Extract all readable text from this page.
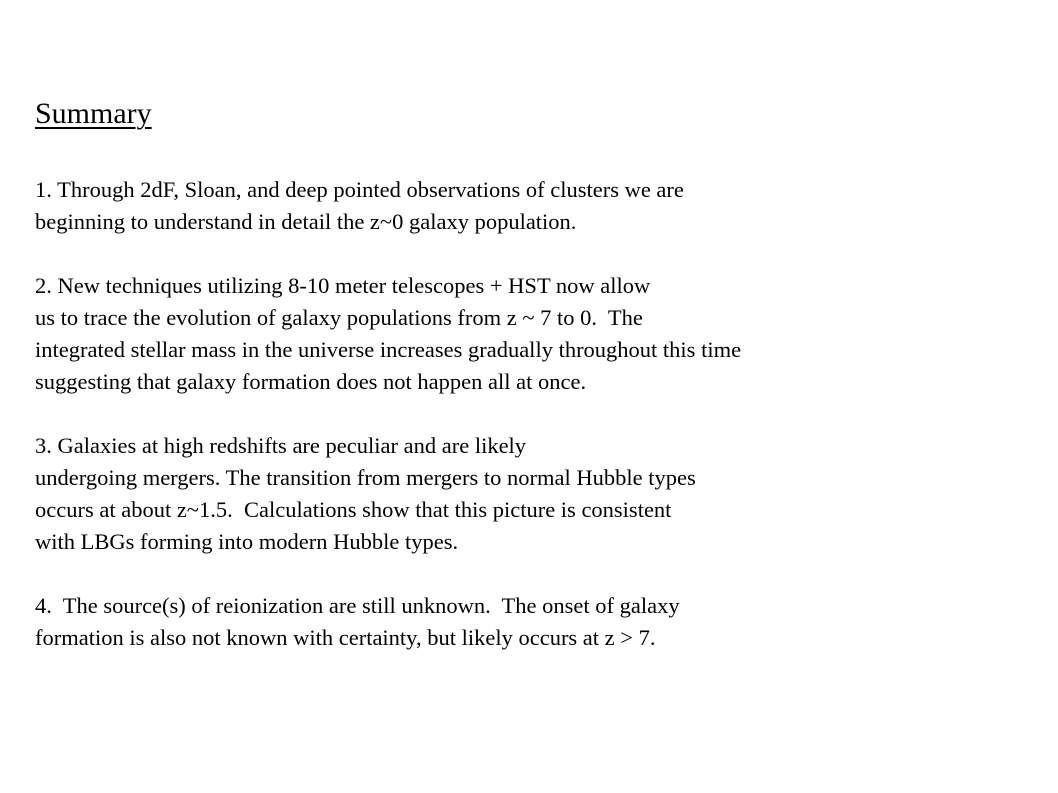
Summary
1. Through 2dF, Sloan, and deep pointed observations of clusters we are
beginning to understand in detail the z~0 galaxy population.
2. New techniques utilizing 8-10 meter telescopes + HST now allow
us to trace the evolution of galaxy populations from z ~ 7 to 0.  The
integrated stellar mass in the universe increases gradually throughout this time
suggesting that galaxy formation does not happen all at once.
3. Galaxies at high redshifts are peculiar and are likely
undergoing mergers. The transition from mergers to normal Hubble types
occurs at about z~1.5.  Calculations show that this picture is consistent
with LBGs forming into modern Hubble types.
4.  The source(s) of reionization are still unknown.  The onset of galaxy
formation is also not known with certainty, but likely occurs at z > 7.
